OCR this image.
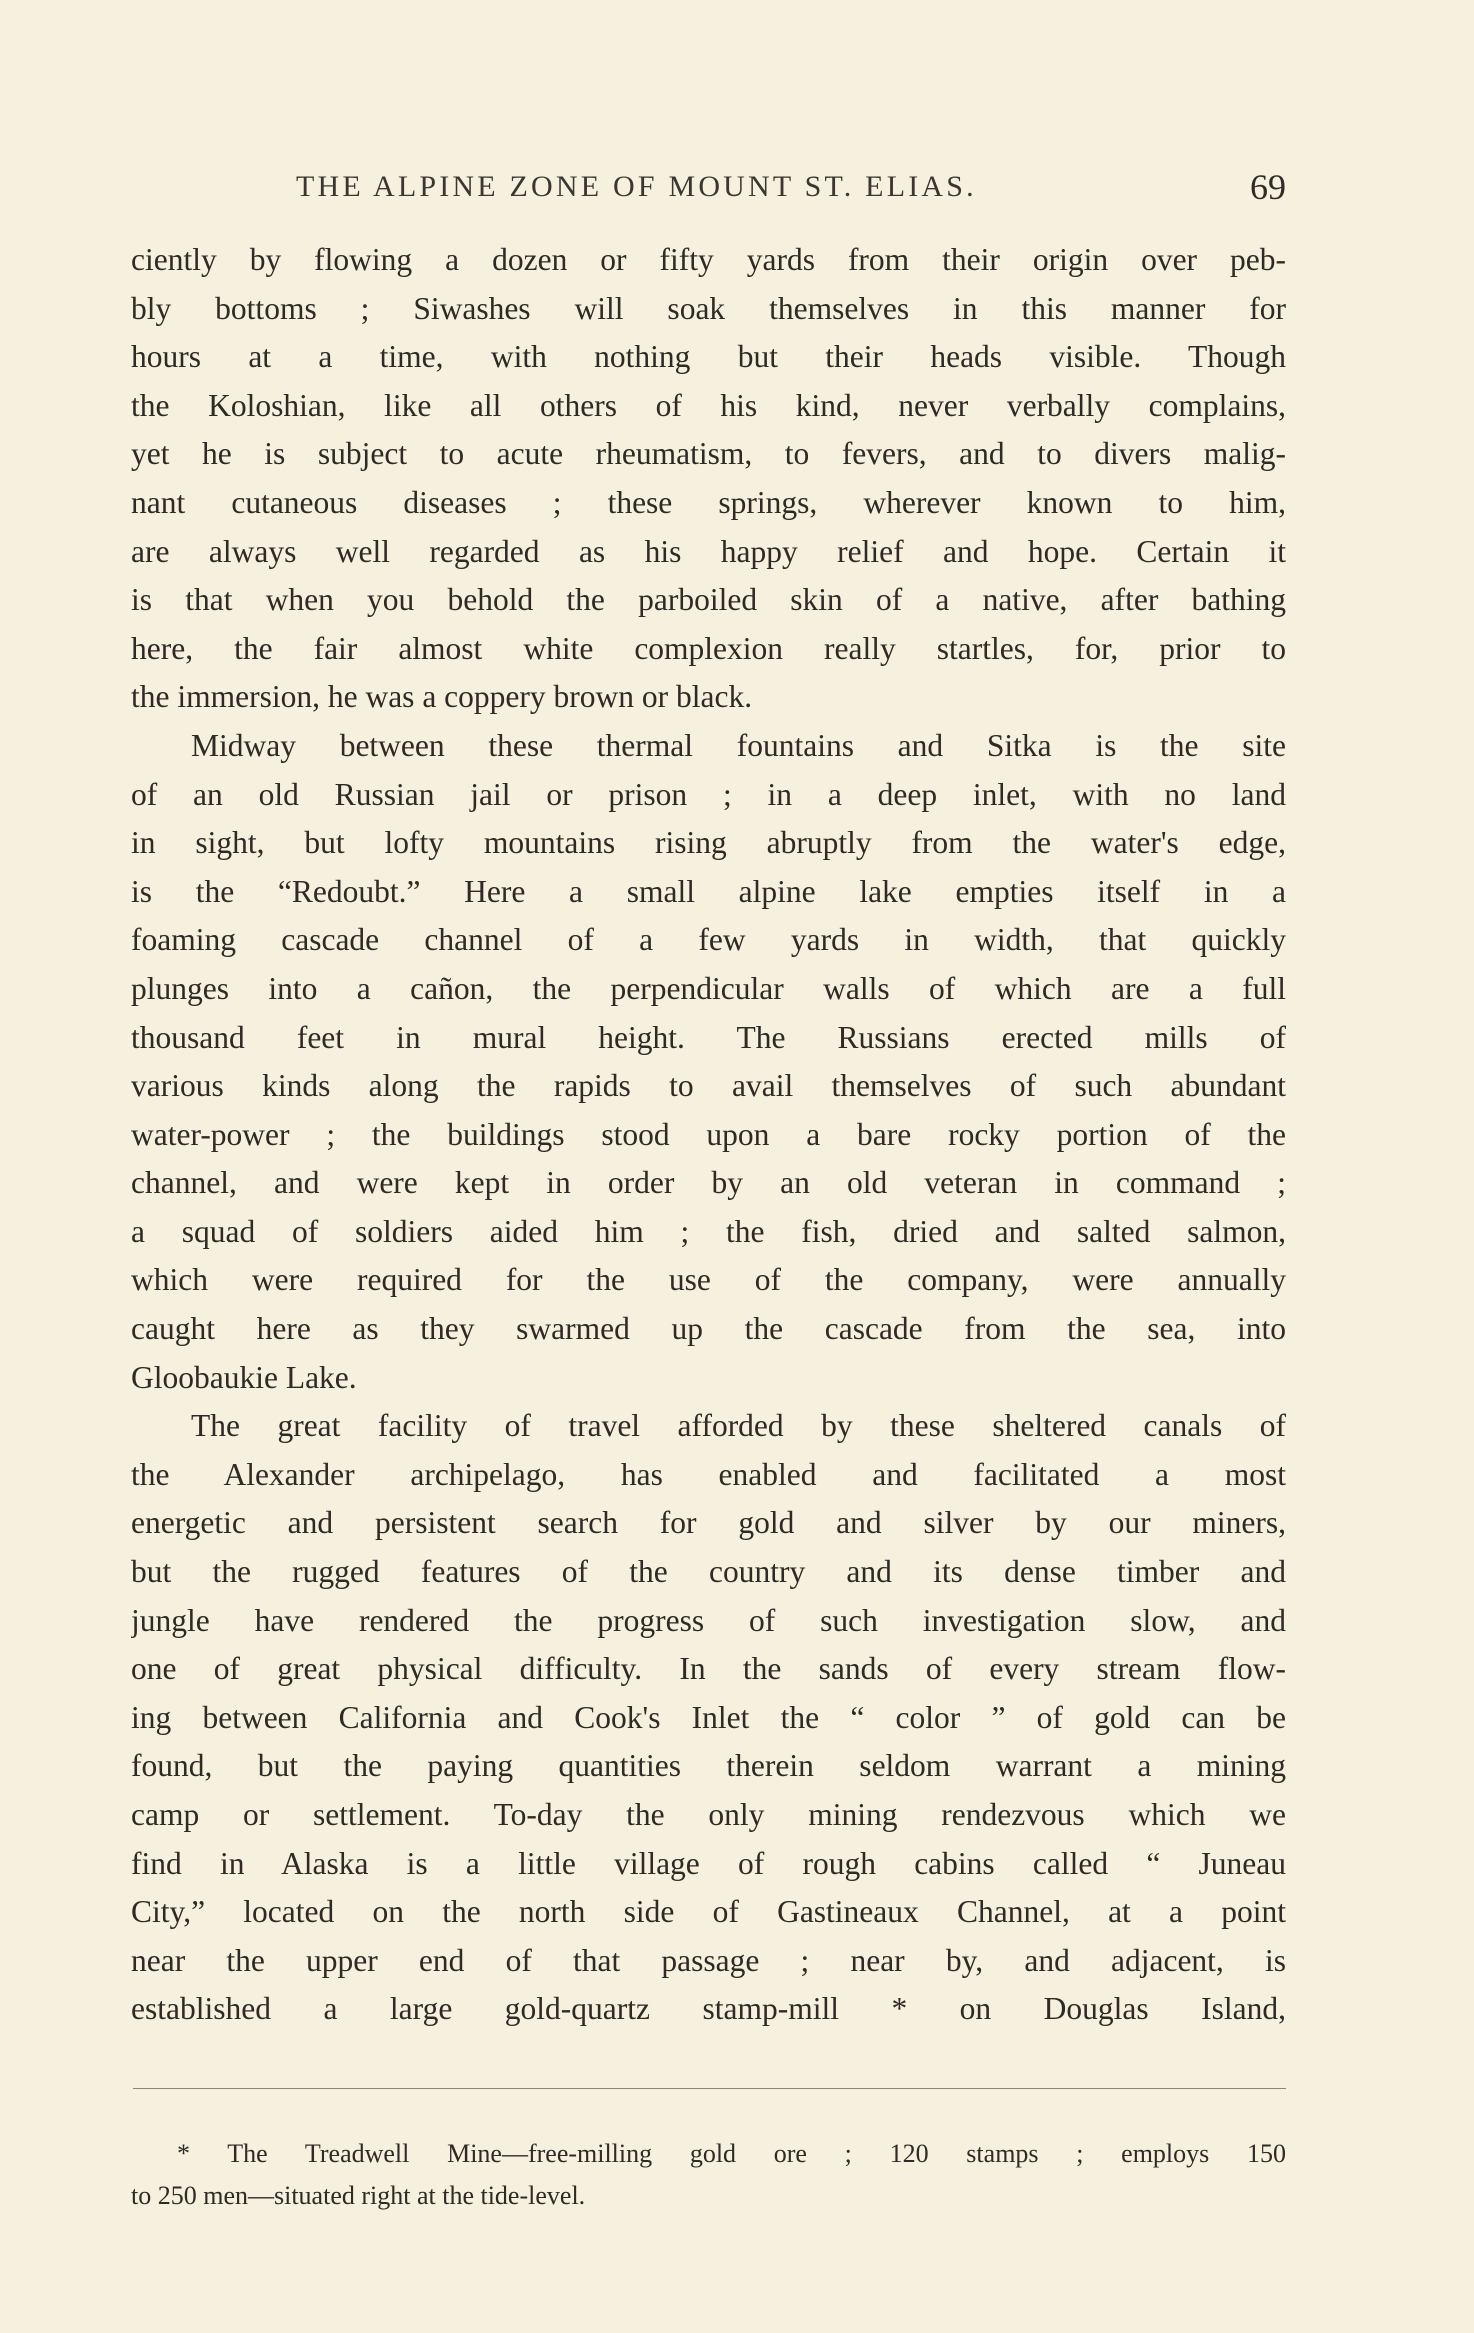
THE ALPINE ZONE OF MOUNT ST. ELIAS.	69
ciently by flowing a dozen or fifty yards from their origin over peb-
bly bottoms ; Siwashes will soak themselves in this manner for
hours at a time, with nothing but their heads visible. Though
the Koloshian, like all others of his kind, never verbally complains,
yet he is subject to acute rheumatism, to fevers, and to divers malig-
nant cutaneous diseases ; these springs, wherever known to him,
are always well regarded as his happy relief and hope. Certain it
is that when you behold the parboiled skin of a native, after bathing
here, the fair almost white complexion really startles, for, prior to
the immersion, he was a coppery brown or black.
Midway between these thermal fountains and Sitka is the site
of an old Russian jail or prison ; in a deep inlet, with no land
in sight, but lofty mountains rising abruptly from the water's edge,
is the “Redoubt.” Here a small alpine lake empties itself in a
foaming cascade channel of a few yards in width, that quickly
plunges into a cañon, the perpendicular walls of which are a full
thousand feet in mural height. The Russians erected mills of
various kinds along the rapids to avail themselves of such abundant
water-power ; the buildings stood upon a bare rocky portion of the
channel, and were kept in order by an old veteran in command ;
a squad of soldiers aided him ; the fish, dried and salted salmon,
which were required for the use of the company, were annually
caught here as they swarmed up the cascade from the sea, into
Gloobaukie Lake.
The great facility of travel afforded by these sheltered canals of
the Alexander archipelago, has enabled and facilitated a most
energetic and persistent search for gold and silver by our miners,
but the rugged features of the country and its dense timber and
jungle have rendered the progress of such investigation slow, and
one of great physical difficulty. In the sands of every stream flow-
ing between California and Cook's Inlet the “ color ” of gold can be
found, but the paying quantities therein seldom warrant a mining
camp or settlement. To-day the only mining rendezvous which we
find in Alaska is a little village of rough cabins called “ Juneau
City,” located on the north side of Gastineaux Channel, at a point
near the upper end of that passage ; near by, and adjacent, is
established a large gold-quartz stamp-mill * on Douglas Island,
* The Treadwell Mine—free-milling gold ore ; 120 stamps ; employs 150
to 250 men—situated right at the tide-level.
